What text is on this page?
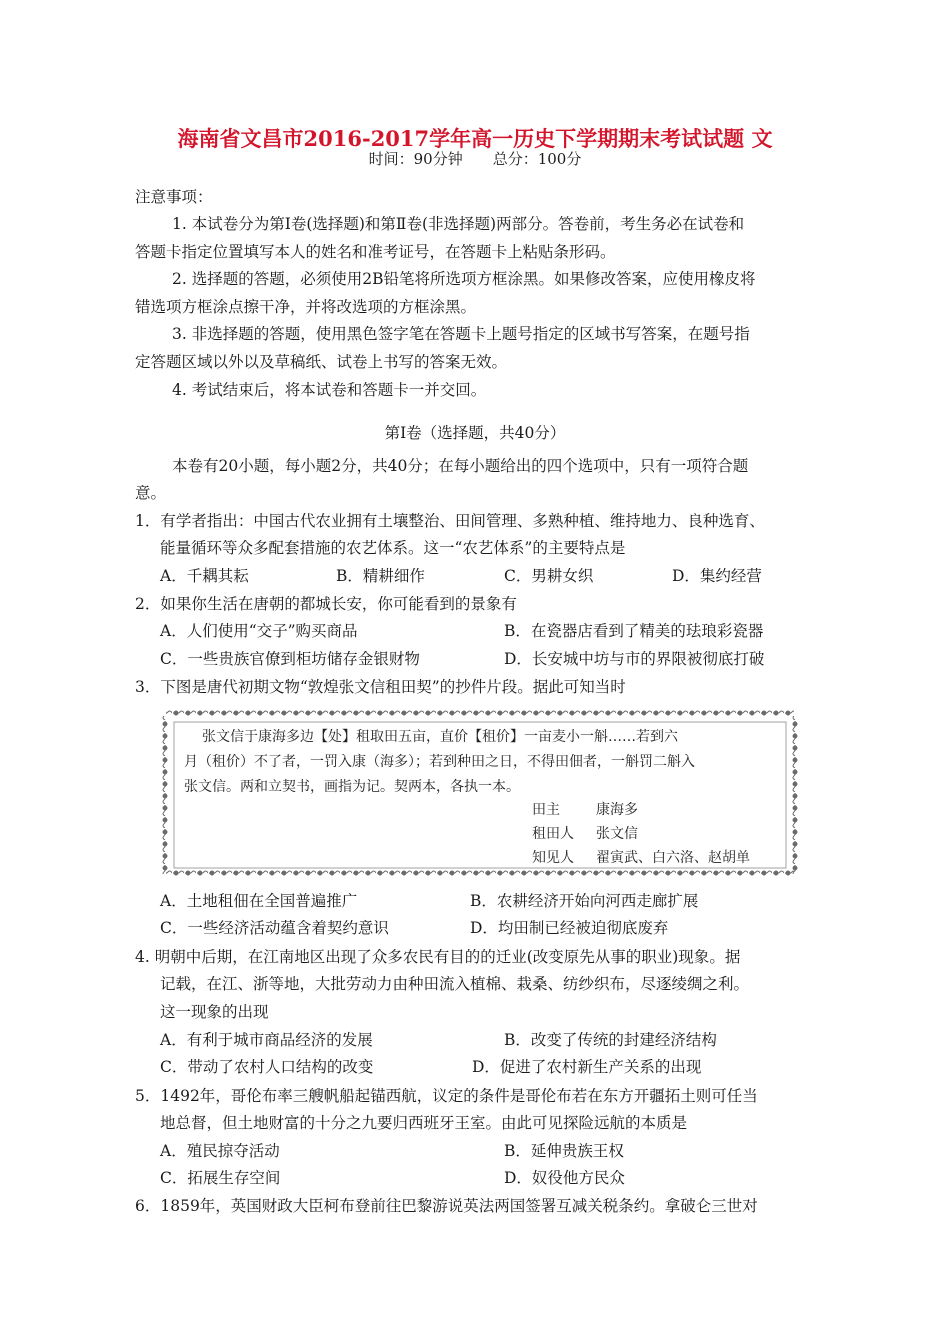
海南省文昌市2016-2017学年高一历史下学期期末考试试题 文
时间：90分钟 总分：100分
注意事项：
1. 本试卷分为第Ⅰ卷(选择题)和第Ⅱ卷(非选择题)两部分。答卷前，考生务必在试卷和
答题卡指定位置填写本人的姓名和准考证号，在答题卡上粘贴条形码。
2. 选择题的答题，必须使用2B铅笔将所选项方框涂黑。如果修改答案，应使用橡皮将
错选项方框涂点擦干净，并将改选项的方框涂黑。
3. 非选择题的答题，使用黑色签字笔在答题卡上题号指定的区域书写答案，在题号指
定答题区域以外以及草稿纸、试卷上书写的答案无效。
4. 考试结束后，将本试卷和答题卡一并交回。
第Ⅰ卷（选择题，共40分）
本卷有20小题，每小题2分，共40分；在每小题给出的四个选项中，只有一项符合题
意。
1．有学者指出：中国古代农业拥有土壤整治、田间管理、多熟种植、维持地力、良种选育、
能量循环等众多配套措施的农艺体系。这一“农艺体系”的主要特点是
A．千耦其耘	B．精耕细作	C．男耕女织	D．集约经营
2．如果你生活在唐朝的都城长安，你可能看到的景象有
A．人们使用“交子”购买商品	B．在瓷器店看到了精美的珐琅彩瓷器
C．一些贵族官僚到柜坊储存金银财物	D．长安城中坊与市的界限被彻底打破
3．下图是唐代初期文物“敦煌张文信租田契”的抄件片段。据此可知当时
张文信于康海多边【处】租取田五亩，直价【租价】一亩麦小一斛……若到六
月（租价）不了者，一罚入康（海多）；若到种田之日，不得田佃者，一斛罚二斛入
张文信。两和立契书，画指为记。契两本，各执一本。
田主	康海多
租田人 张文信
知见人 翟寅武、白六洛、赵胡单
A．土地租佃在全国普遍推广	B．农耕经济开始向河西走廊扩展
C．一些经济活动蕴含着契约意识	D．均田制已经被迫彻底废弃
4. 明朝中后期，在江南地区出现了众多农民有目的的迁业(改变原先从事的职业)现象。据
记载，在江、浙等地，大批劳动力由种田流入植棉、栽桑、纺纱织布，尽逐绫绸之利。
这一现象的出现
A．有利于城市商品经济的发展	B．改变了传统的封建经济结构
C．带动了农村人口结构的改变	D．促进了农村新生产关系的出现
5．1492年，哥伦布率三艘帆船起锚西航，议定的条件是哥伦布若在东方开疆拓土则可任当
地总督，但土地财富的十分之九要归西班牙王室。由此可见探险远航的本质是
A．殖民掠夺活动	B．延伸贵族王权
C．拓展生存空间	D．奴役他方民众
6．1859年，英国财政大臣柯布登前往巴黎游说英法两国签署互减关税条约。拿破仑三世对
